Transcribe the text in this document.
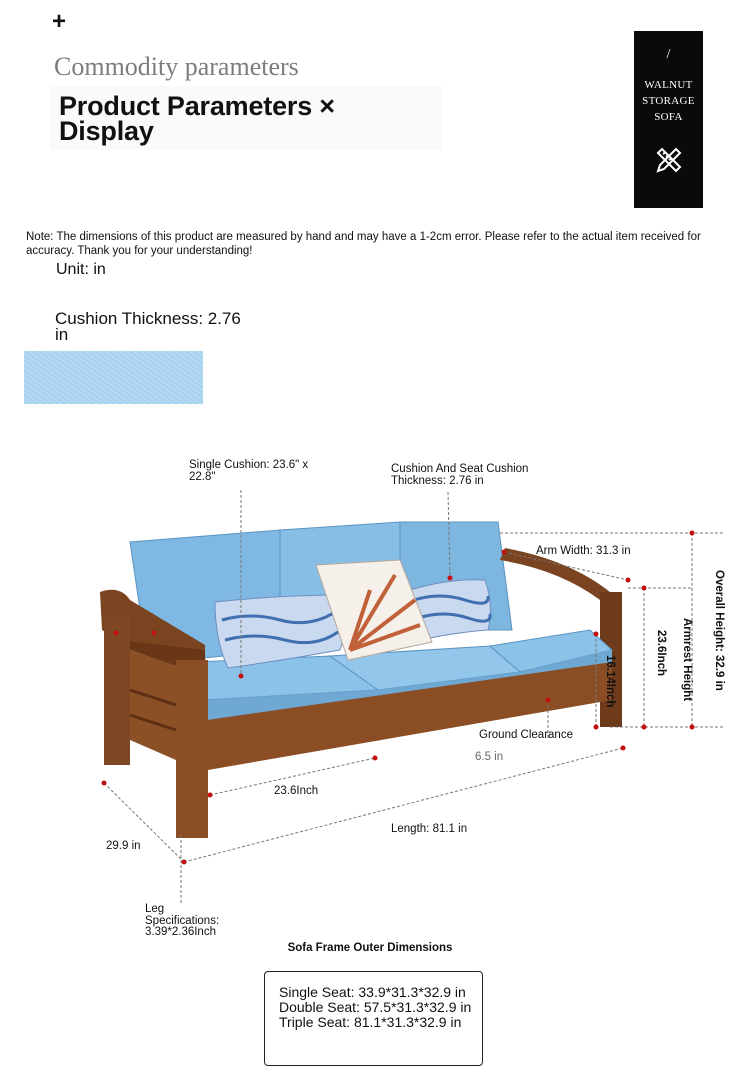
+
Commodity parameters
Product Parameters × Display
/
WALNUT
STORAGE
SOFA
Note: The dimensions of this product are measured by hand and may have a 1-2cm error. Please refer to the actual item received for accuracy. Thank you for your understanding!
Unit: in
Cushion Thickness: 2.76 in
Single Cushion: 23.6" x 22.8"
Cushion And Seat Cushion Thickness: 2.76 in
Arm Width: 31.3 in
Overall Height: 32.9 in
Armrest Height
23.6Inch
16.14Inch
Ground Clearance
6.5 in
23.6Inch
29.9 in
Length: 81.1 in
Leg Specifications: 3.39*2.36Inch
Sofa Frame Outer Dimensions
Single Seat: 33.9*31.3*32.9 in Double Seat: 57.5*31.3*32.9 in Triple Seat: 81.1*31.3*32.9 in
